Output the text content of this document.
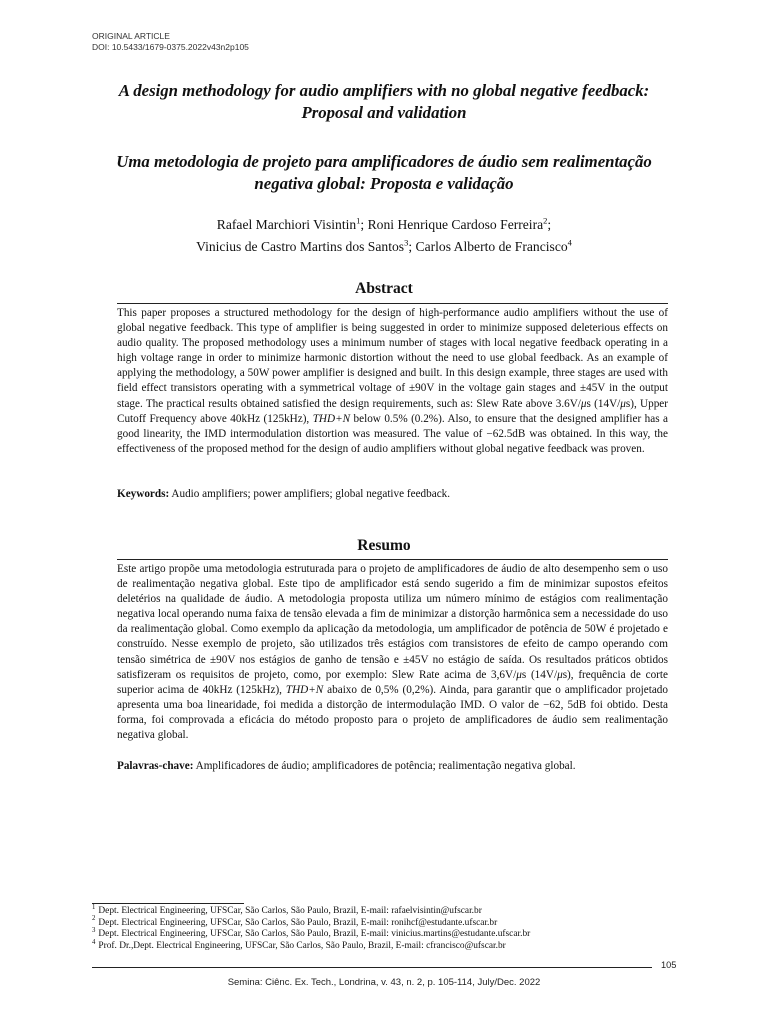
ORIGINAL ARTICLE
DOI: 10.5433/1679-0375.2022v43n2p105
A design methodology for audio amplifiers with no global negative feedback: Proposal and validation
Uma metodologia de projeto para amplificadores de áudio sem realimentação negativa global: Proposta e validação
Rafael Marchiori Visintin$^1$; Roni Henrique Cardoso Ferreira$^2$;
Vinicius de Castro Martins dos Santos$^3$; Carlos Alberto de Francisco$^4$
Abstract

This paper proposes a structured methodology for the design of high-performance audio amplifiers without the use of global negative feedback. This type of amplifier is being suggested in order to minimize supposed deleterious effects on audio quality. The proposed methodology uses a minimum number of stages with local negative feedback operating in a high voltage range in order to minimize harmonic distortion without the need to use global feedback. As an example of applying the methodology, a 50W power amplifier is designed and built. In this design example, three stages are used with field effect transistors operating with a symmetrical voltage of ±90V in the voltage gain stages and ±45V in the output stage. The practical results obtained satisfied the design requirements, such as: Slew Rate above 3.6V/μs (14V/μs), Upper Cutoff Frequency above 40kHz (125kHz), THD+N below 0.5% (0.2%). Also, to ensure that the designed amplifier has a good linearity, the IMD intermodulation distortion was measured. The value of −62.5dB was obtained. In this way, the effectiveness of the proposed method for the design of audio amplifiers without global negative feedback was proven.

Keywords: Audio amplifiers; power amplifiers; global negative feedback.

Resumo

Este artigo propõe uma metodologia estruturada para o projeto de amplificadores de áudio de alto desempenho sem o uso de realimentação negativa global. Este tipo de amplificador está sendo sugerido a fim de minimizar supostos efeitos deletérios na qualidade de áudio. A metodologia proposta utiliza um número mínimo de estágios com realimentação negativa local operando numa faixa de tensão elevada a fim de minimizar a distorção harmônica sem a necessidade do uso da realimentação global. Como exemplo da aplicação da metodologia, um amplificador de potência de 50W é projetado e construído. Nesse exemplo de projeto, são utilizados três estágios com transistores de efeito de campo operando com tensão simétrica de ±90V nos estágios de ganho de tensão e ±45V no estágio de saída. Os resultados práticos obtidos satisfizeram os requisitos de projeto, como, por exemplo: Slew Rate acima de 3,6V/μs (14V/μs), frequência de corte superior acima de 40kHz (125kHz), THD+N abaixo de 0,5% (0,2%). Ainda, para garantir que o amplificador projetado apresenta uma boa linearidade, foi medida a distorção de intermodulação IMD. O valor de −62, 5dB foi obtido. Desta forma, foi comprovada a eficácia do método proposto para o projeto de amplificadores de áudio sem realimentação negativa global.

Palavras-chave: Amplificadores de áudio; amplificadores de potência; realimentação negativa global.

$^1$ Dept. Electrical Engineering, UFSCar, São Carlos, São Paulo, Brazil, E-mail: rafaelvisintin@ufscar.br
$^2$ Dept. Electrical Engineering, UFSCar, São Carlos, São Paulo, Brazil, E-mail: ronihcf@estudante.ufscar.br
$^3$ Dept. Electrical Engineering, UFSCar, São Carlos, São Paulo, Brazil, E-mail: vinicius.martins@estudante.ufscar.br
$^4$ Prof. Dr.,Dept. Electrical Engineering, UFSCar, São Carlos, São Paulo, Brazil, E-mail: cfrancisco@ufscar.br
105
Semina: Ciênc. Ex. Tech., Londrina, v. 43, n. 2, p. 105-114, July/Dec. 2022
